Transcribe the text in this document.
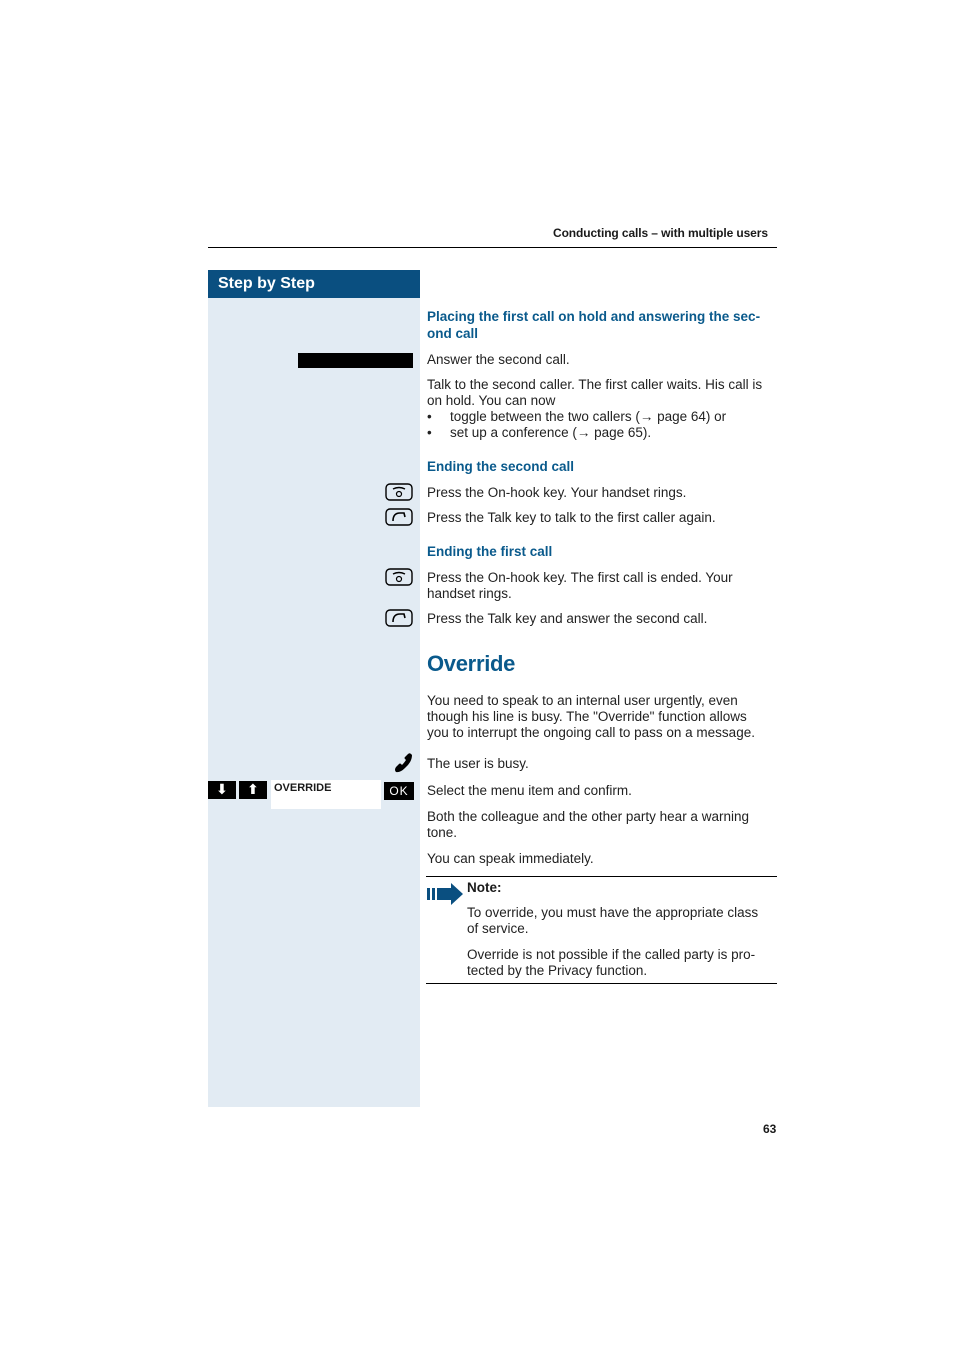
Conducting calls – with multiple users
Step by Step
Placing the first call on hold and answering the sec-
ond call
Answer the second call.
Talk to the second caller. The first caller waits. His call is
on hold. You can now
•	toggle between the two callers (→ page 64) or
•	set up a conference (→ page 65).
Ending the second call
Press the On-hook key. Your handset rings.
Press the Talk key to talk to the first caller again.
Ending the first call
Press the On-hook key. The first call is ended. Your
handset rings.
Press the Talk key and answer the second call.
Override
You need to speak to an internal user urgently, even
though his line is busy. The "Override" function allows
you to interrupt the ongoing call to pass on a message.
The user is busy.
⬇	⬆	OVERRIDE	OK	Select the menu item and confirm.
Both the colleague and the other party hear a warning
tone.
You can speak immediately.
Note:
To override, you must have the appropriate class
of service.
Override is not possible if the called party is pro-
tected by the Privacy function.
63
